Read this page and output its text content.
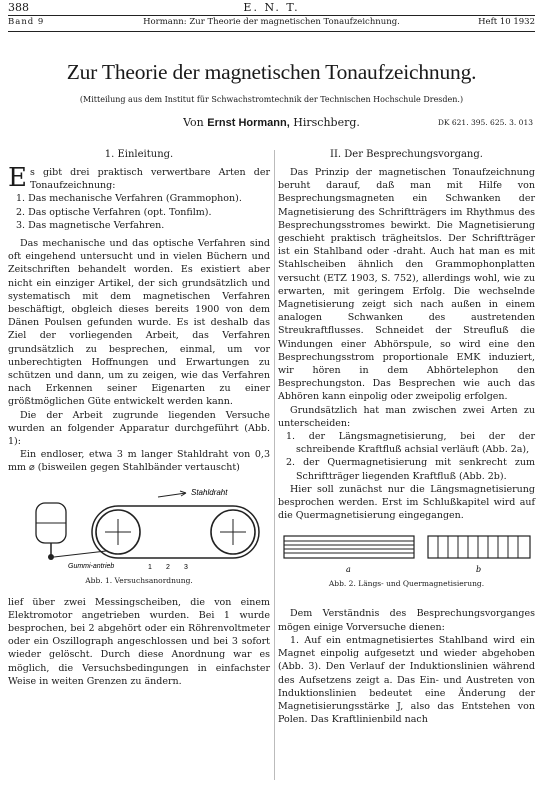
388	E. N. T.
Band 9	Hormann: Zur Theorie der magnetischen Tonaufzeichnung.	Heft 10 1932
Zur Theorie der magnetischen Tonaufzeichnung.
(Mitteilung aus dem Institut für Schwachstromtechnik der Technischen Hochschule Dresden.)
Von Ernst Hormann, Hirschberg.	DK 621. 395. 625. 3. 013
1. Einleitung.

Es gibt drei praktisch verwertbare Arten der Tonaufzeichnung:

1. Das mechanische Verfahren (Grammophon).

2. Das optische Verfahren (opt. Tonfilm).

3. Das magnetische Verfahren.

Das mechanische und das optische Verfahren sind oft eingehend untersucht und in vielen Büchern und Zeitschriften behandelt worden. Es existiert aber nicht ein einziger Artikel, der sich grundsätzlich und systematisch mit dem magnetischen Verfahren beschäftigt, obgleich dieses bereits 1900 von dem Dänen Poulsen gefunden wurde. Es ist deshalb das Ziel der vorliegenden Arbeit, das Verfahren grundsätzlich zu besprechen, einmal, um vor unberechtigten Hoffnungen und Erwartungen zu schützen und dann, um zu zeigen, wie das Verfahren nach Erkennen seiner Eigenarten zu einer größtmöglichen Güte entwickelt werden kann.

Die der Arbeit zugrunde liegenden Versuche wurden an folgender Apparatur durchgeführt (Abb. 1):

Ein endloser, etwa 3 m langer Stahldraht von 0,3 mm ⌀ (bisweilen gegen Stahlbänder vertauscht)

Stahldraht
Gummi-antrieb	1 2 3

Abb. 1. Versuchsanordnung.

lief über zwei Messingscheiben, die von einem Elektromotor angetrieben wurden. Bei 1 wurde besprochen, bei 2 abgehört oder ein Röhrenvoltmeter oder ein Oszillograph angeschlossen und bei 3 sofort wieder gelöscht. Durch diese Anordnung war es möglich, die Versuchsbedingungen in einfachster Weise in weiten Grenzen zu ändern.

II. Der Besprechungsvorgang.

Das Prinzip der magnetischen Tonaufzeichnung beruht darauf, daß man mit Hilfe von Besprechungsmagneten ein Schwanken der Magnetisierung des Schriftträgers im Rhythmus des Besprechungsstromes bewirkt. Die Magnetisierung geschieht praktisch trägheitslos. Der Schriftträger ist ein Stahlband oder -draht. Auch hat man es mit Stahlscheiben ähnlich den Grammophonplatten versucht (ETZ 1903, S. 752), allerdings wohl, wie zu erwarten, mit geringem Erfolg. Die wechselnde Magnetisierung zeigt sich nach außen in einem analogen Schwanken des austretenden Streukraftflusses. Schneidet der Streufluß die Windungen einer Abhörspule, so wird eine den Besprechungsstrom proportionale EMK induziert, wir hören in dem Abhörtelephon den Besprechungston. Das Besprechen wie auch das Abhören kann einpolig oder zweipolig erfolgen.

Grundsätzlich hat man zwischen zwei Arten zu unterscheiden:

1. der Längsmagnetisierung, bei der der schreibende Kraftfluß achsial verläuft (Abb. 2a),

2. der Quermagnetisierung mit senkrecht zum Schriftträger liegenden Kraftfluß (Abb. 2b).

Hier soll zunächst nur die Längsmagnetisierung besprochen werden. Erst im Schlußkapitel wird auf die Quermagnetisierung eingegangen.

a	b

Abb. 2. Längs- und Quermagnetisierung.

Dem Verständnis des Besprechungsvorganges mögen einige Vorversuche dienen:

1. Auf ein entmagnetisiertes Stahlband wird ein Magnet einpolig aufgesetzt und wieder abgehoben (Abb. 3). Den Verlauf der Induktionslinien während des Aufsetzens zeigt a. Das Ein- und Austreten von Induktionslinien bedeutet eine Änderung der Magnetisierungsstärke J, also das Entstehen von Polen. Das Kraftlinienbild nach
